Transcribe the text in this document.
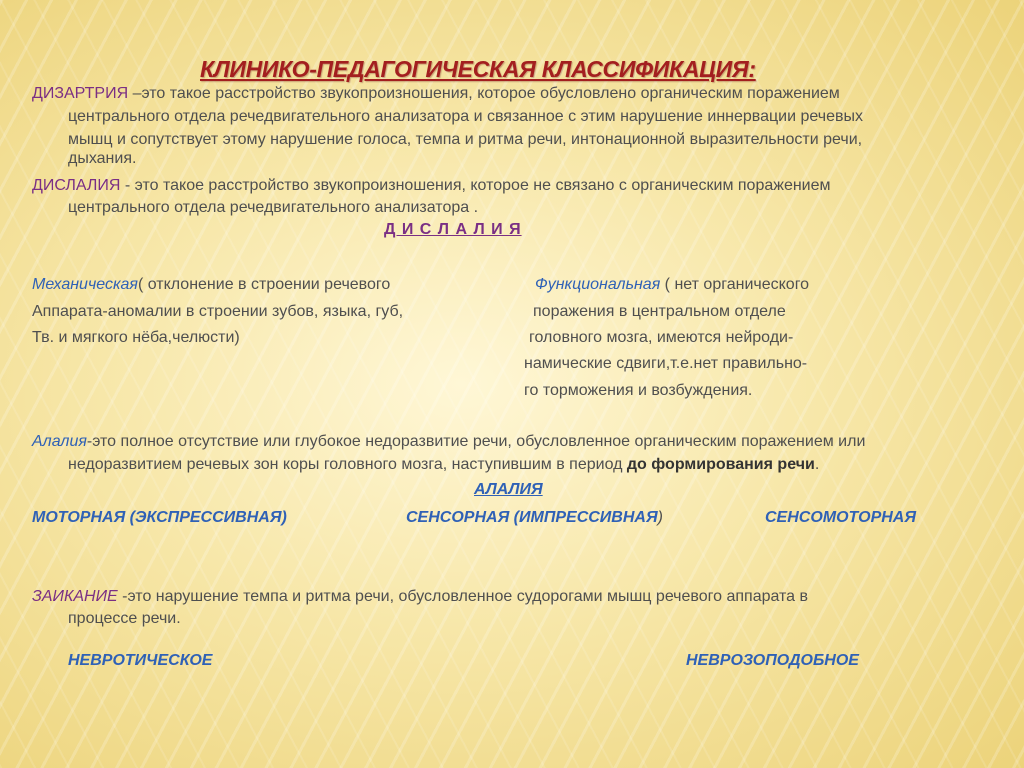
КЛИНИКО-ПЕДАГОГИЧЕСКАЯ КЛАССИФИКАЦИЯ:
ДИЗАРТРИЯ –это такое расстройство звукопроизношения, которое обусловлено органическим поражением
центрального отдела речедвигательного анализатора и связанное с этим нарушение иннервации речевых
мышц и сопутствует этому нарушение голоса, темпа и ритма речи, интонационной выразительности речи,
дыхания.
ДИСЛАЛИЯ - это такое расстройство звукопроизношения, которое не связано с органическим поражением
центрального отдела речедвигательного анализатора .
Д И С Л А Л И Я
Механическая( отклонение в строении речевого
Аппарата-аномалии в строении зубов, языка, губ,
Тв. и мягкого нёба,челюсти)
Функциональная ( нет органического
поражения в центральном отделе
головного мозга, имеются нейроди-
намические сдвиги,т.е.нет правильно-
го торможения и возбуждения.
Алалия-это полное отсутствие или глубокое недоразвитие речи, обусловленное органическим поражением или
недоразвитием речевых зон коры головного мозга, наступившим в период до формирования речи.
АЛАЛИЯ
МОТОРНАЯ (ЭКСПРЕССИВНАЯ)	СЕНСОРНАЯ (ИМПРЕССИВНАЯ)	СЕНСОМОТОРНАЯ
ЗАИКАНИЕ -это нарушение темпа и ритма речи, обусловленное судорогами мышц речевого аппарата в
процессе речи.
НЕВРОТИЧЕСКОЕ	НЕВРОЗОПОДОБНОЕ
